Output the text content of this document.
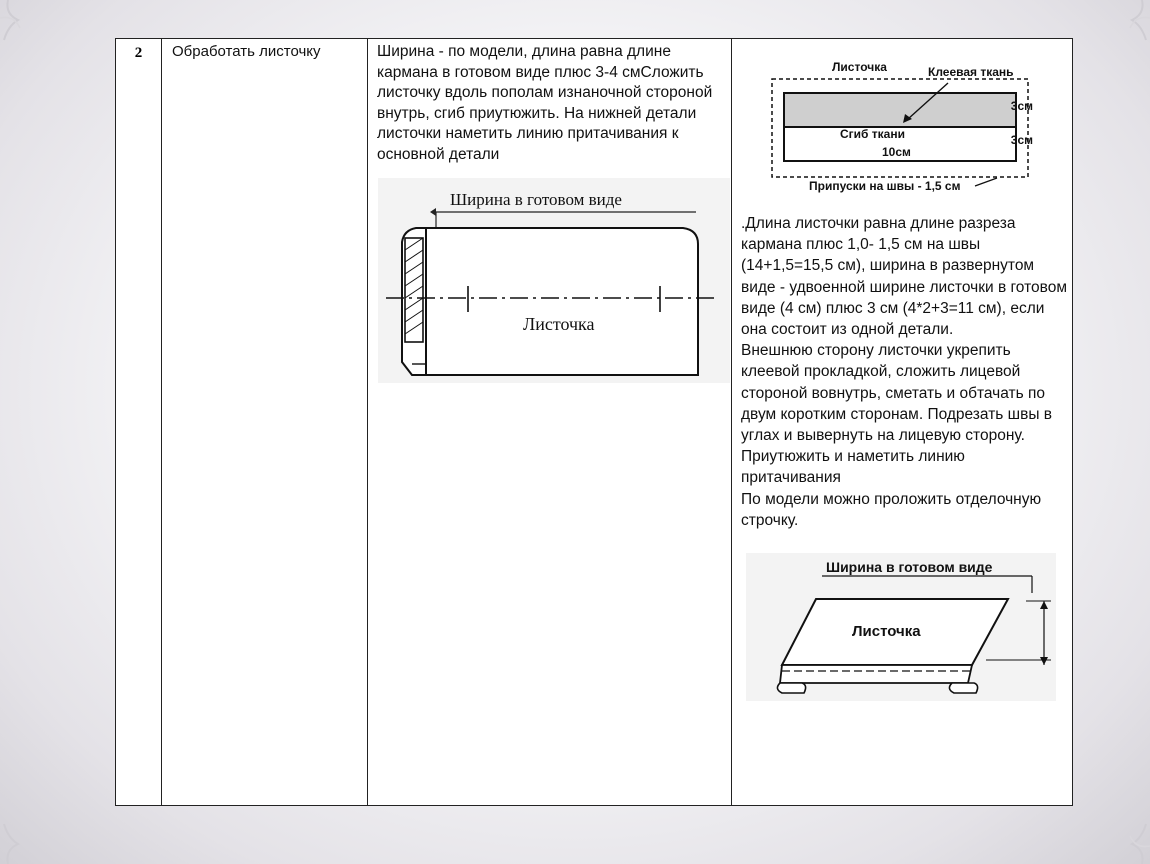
2	Обработать листочку	Ширина - по модели, длина равна длине кармана в готовом виде плюс 3-4 смСложить листочку вдоль пополам изнаночной стороной внутрь, сгиб приутюжить. На нижней детали листочки наметить линию притачивания к основной детали
Ширина в готовом виде
Листочка

Листочка	Клеевая ткань
3см
3см
Сгиб ткани
10см
Припуски на швы - 1,5 см
.Длина листочки равна длине разреза кармана плюс 1,0- 1,5 см на швы (14+1,5=15,5 см), ширина в развернутом виде - удвоенной ширине листочки в готовом виде (4 см) плюс 3 см (4*2+3=11 см), если она состоит из одной детали.
Внешнюю сторону листочки укрепить клеевой прокладкой, сложить лицевой стороной вовнутрь, сметать и обтачать по двум коротким сторонам. Подрезать швы в углах и вывернуть на лицевую сторону. Приутюжить и наметить линию притачивания
По модели можно проложить отделочную строчку.
Ширина в готовом виде
Листочка
